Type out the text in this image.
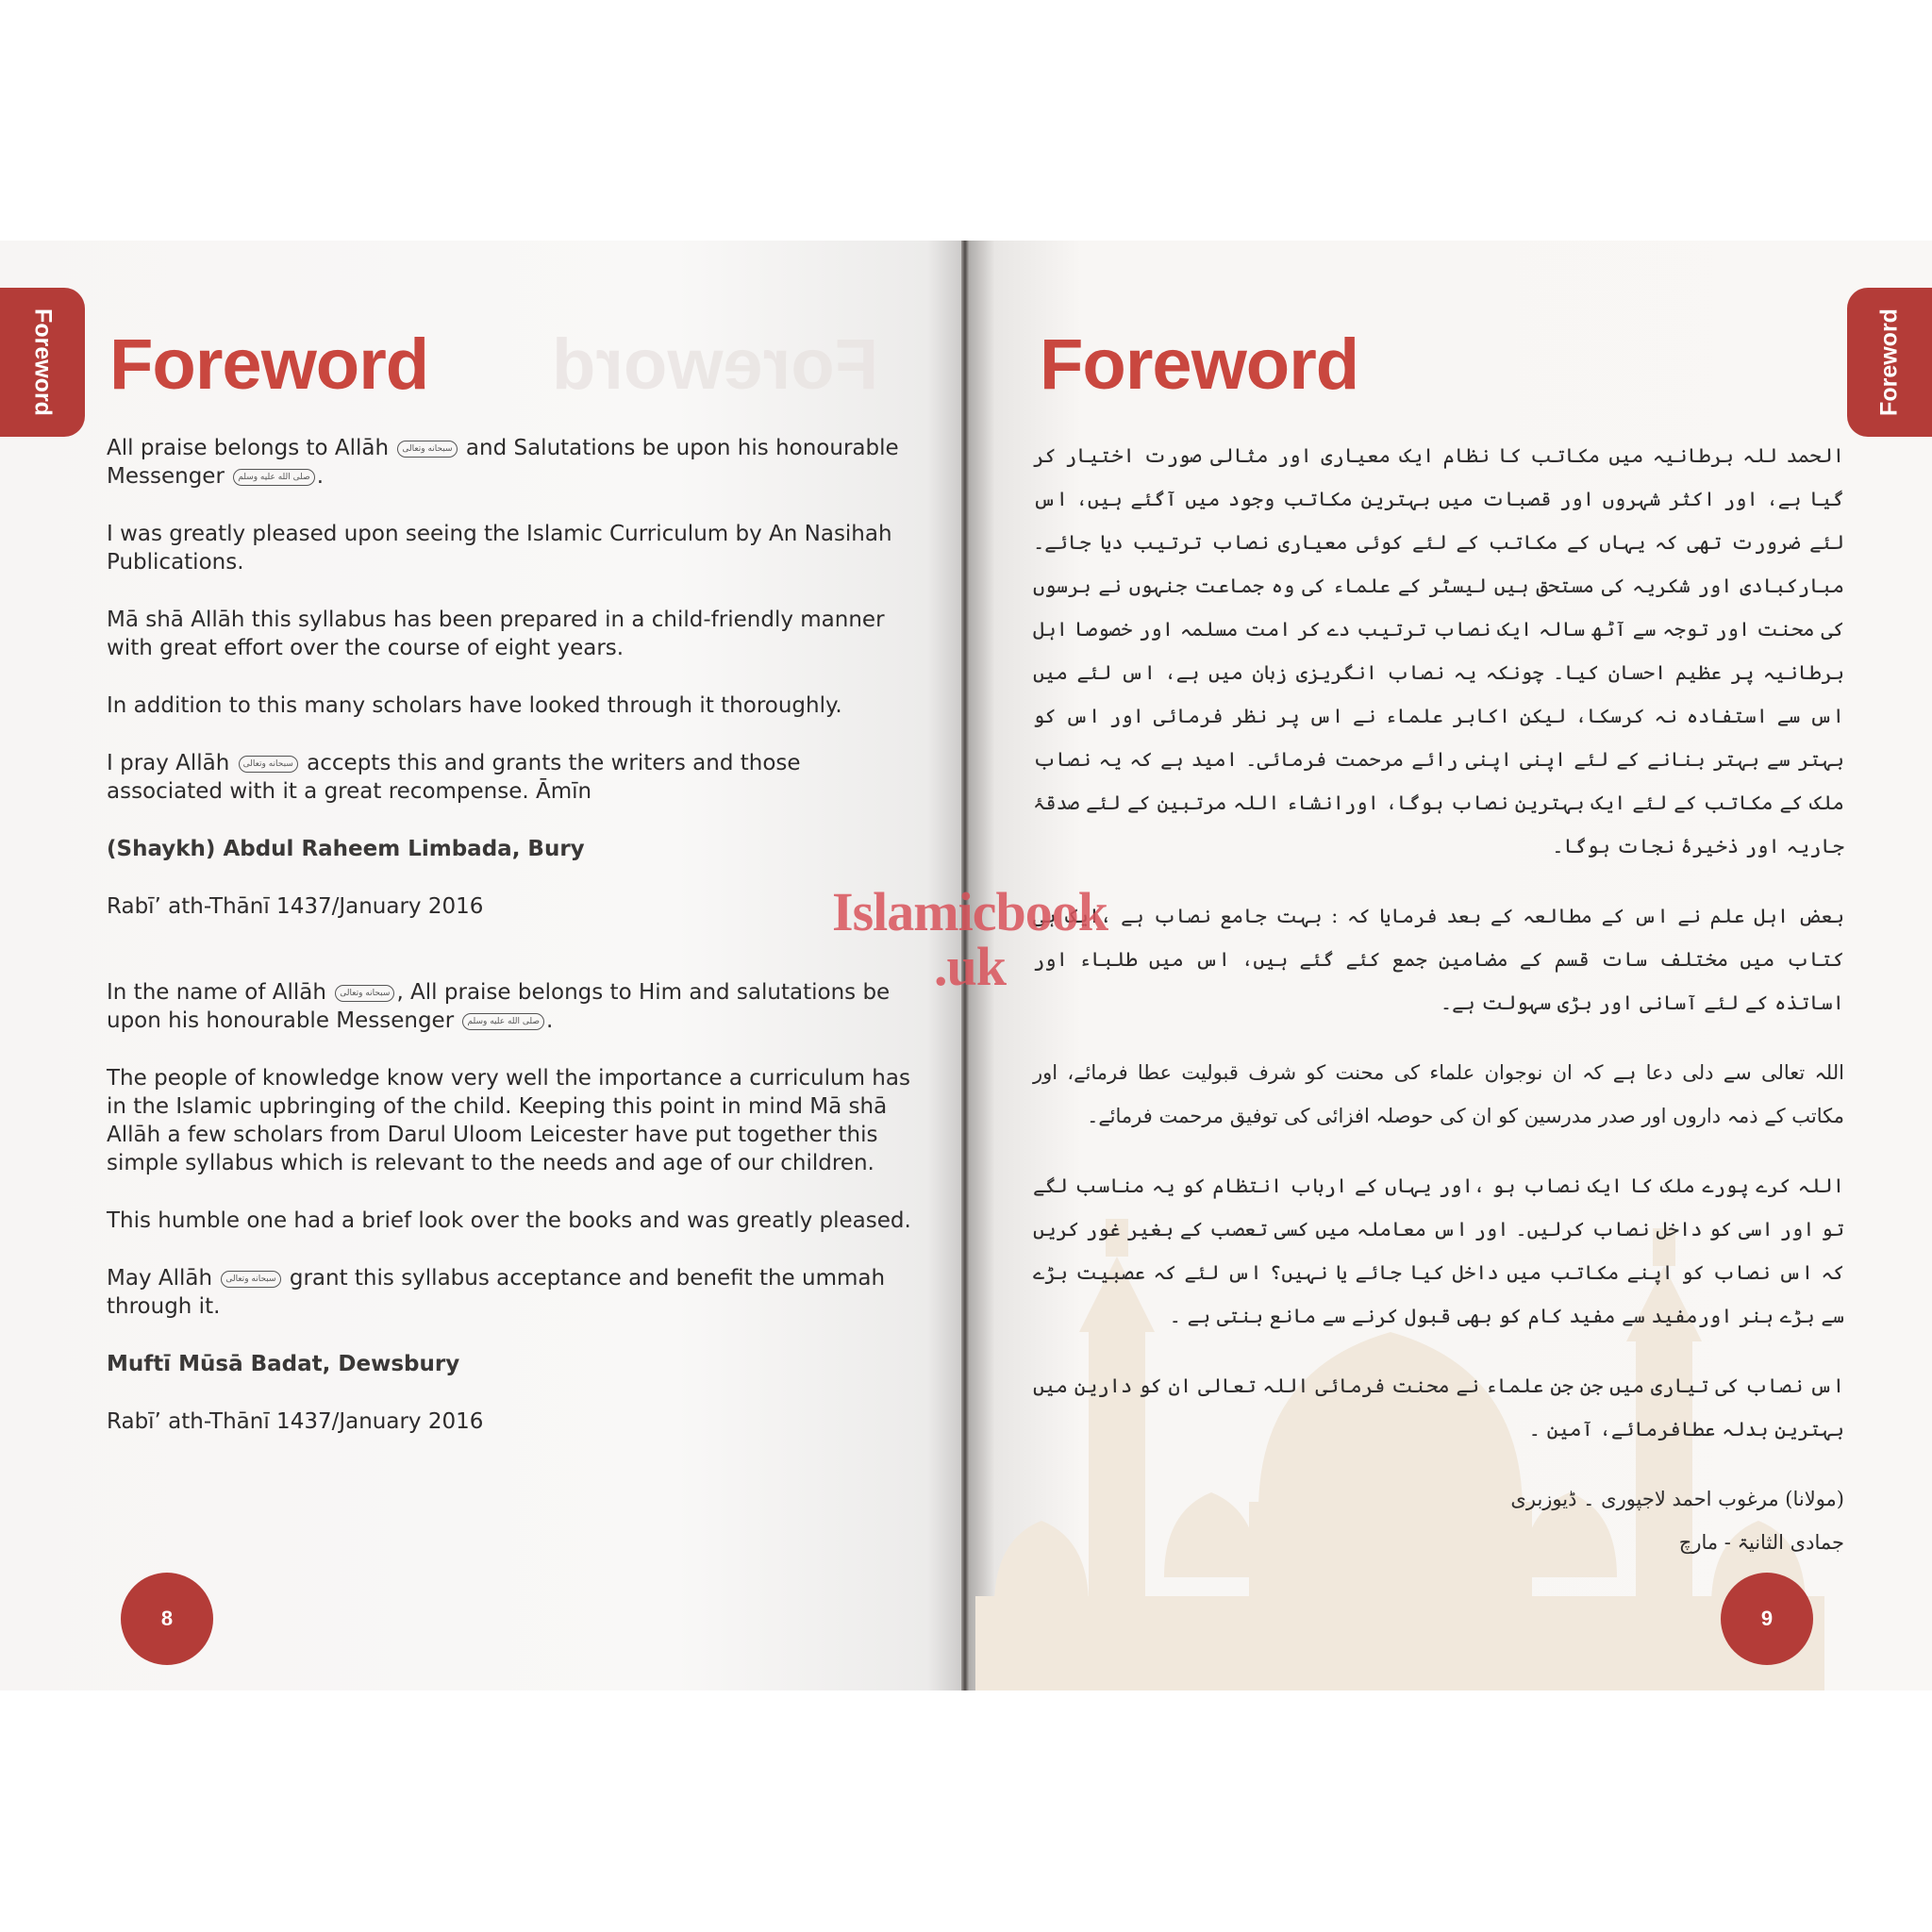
Foreword	Foreword
Foreword

All praise belongs to Allāh سبحانه وتعالى and Salutations be upon his honourable Messenger صلى الله عليه وسلم .

I was greatly pleased upon seeing the Islamic Curriculum by An Nasihah Publications.

Mā shā Allāh this syllabus has been prepared in a child-friendly manner with great effort over the course of eight years.

In addition to this many scholars have looked through it thoroughly.

I pray Allāh سبحانه وتعالى accepts this and grants the writers and those associated with it a great recompense. Āmīn

(Shaykh) Abdul Raheem Limbada, Bury

Rabī’ ath-Thānī 1437/January 2016

In the name of Allāh سبحانه وتعالى , All praise belongs to Him and salutations be upon his honourable Messenger صلى الله عليه وسلم .

The people of knowledge know very well the importance a curriculum has in the Islamic upbringing of the child. Keeping this point in mind Mā shā Allāh a few scholars from Darul Uloom Leicester have put together this simple syllabus which is relevant to the needs and age of our children.

This humble one had a brief look over the books and was greatly pleased.

May Allāh سبحانه وتعالى grant this syllabus acceptance and benefit the ummah through it.

Muftī Mūsā Badat, Dewsbury

Rabī’ ath-Thānī 1437/January 2016

8
Foreword
Foreword

الحمد للہ برطانیہ میں مکاتب کا نظام ایک معیاری اور مثالی صورت اختیار کر گیا ہے، اور اکثر شہروں اور قصبات میں بہترین مکاتب وجود میں آگئے ہیں، اس لئے ضرورت تھی کہ یہاں کے مکاتب کے لئے کوئی معیاری نصاب ترتیب دیا جائے۔ مبارکبادی اور شکریہ کی مستحق ہیں لیسٹر کے علماء کی وہ جماعت جنہوں نے برسوں کی محنت اور توجہ سے آٹھ سالہ ایک نصاب ترتیب دے کر امت مسلمہ اور خصوصا اہل برطانیہ پر عظیم احسان کیا۔ چونکہ یہ نصاب انگریزی زبان میں ہے، اس لئے میں اس سے استفادہ نہ کرسکا، لیکن اکابر علماء نے اس پر نظر فرمائی اور اس کو بہتر سے بہتر بنانے کے لئے اپنی اپنی رائے مرحمت فرمائی۔ امید ہے کہ یہ نصاب ملک کے مکاتب کے لئے ایک بہترین نصاب ہوگا، اورانشاء اللہ مرتبین کے لئے صدقۂ جاریہ اور ذخیرۂ نجات ہوگا۔

بعض اہل علم نے اس کے مطالعہ کے بعد فرمایا کہ : بہت جامع نصاب ہے ،ایک ہی کتاب میں مختلف سات قسم کے مضامین جمع کئے گئے ہیں، اس میں طلباء اور اساتذہ کے لئے آسانی اور بڑی سہولت ہے۔

اللہ تعالی سے دلی دعا ہے کہ ان نوجوان علماء کی محنت کو شرف قبولیت عطا فرمائے، اور مکاتب کے ذمہ داروں اور صدر مدرسین کو ان کی حوصلہ افزائی کی توفیق مرحمت فرمائے۔

اللہ کرے پورے ملک کا ایک نصاب ہو ،اور یہاں کے ارباب انتظام کو یہ مناسب لگے تو اور اسی کو داخل نصاب کرلیں۔ اور اس معاملہ میں کسی تعصب کے بغیر غور کریں کہ اس نصاب کو اپنے مکاتب میں داخل کیا جائے یا نہیں؟ اس لئے کہ عصبیت بڑے سے بڑے ہنر اورمفید سے مفید کام کو بھی قبول کرنے سے مانع بنتی ہے ۔

اس نصاب کی تیاری میں جن جن علماء نے محنت فرمائی اللہ تعالی ان کو دارین میں بہترین بدلہ عطافرمائے، آمین ۔

(مولانا) مرغوب احمد لاجپوری ۔ ڈیوزبری

جمادی الثانیۃ - مارچ

9
Islamicbook
.uk
